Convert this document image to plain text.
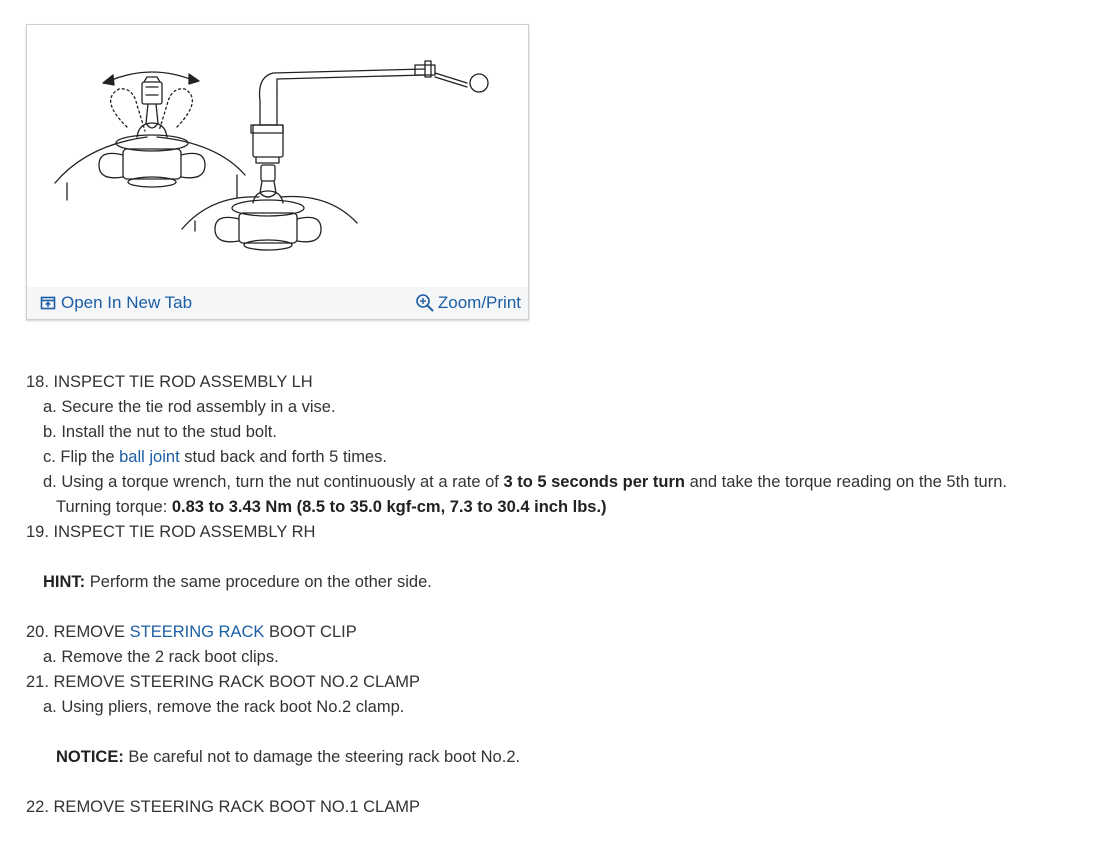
Open In New Tab	Zoom/Print
18. INSPECT TIE ROD ASSEMBLY LH
a. Secure the tie rod assembly in a vise.
b. Install the nut to the stud bolt.
c. Flip the ball joint stud back and forth 5 times.
d. Using a torque wrench, turn the nut continuously at a rate of 3 to 5 seconds per turn and take the torque reading on the 5th turn.
Turning torque: 0.83 to 3.43 Nm (8.5 to 35.0 kgf-cm, 7.3 to 30.4 inch lbs.)
19. INSPECT TIE ROD ASSEMBLY RH
HINT: Perform the same procedure on the other side.
20. REMOVE STEERING RACK BOOT CLIP
a. Remove the 2 rack boot clips.
21. REMOVE STEERING RACK BOOT NO.2 CLAMP
a. Using pliers, remove the rack boot No.2 clamp.
NOTICE: Be careful not to damage the steering rack boot No.2.
22. REMOVE STEERING RACK BOOT NO.1 CLAMP
